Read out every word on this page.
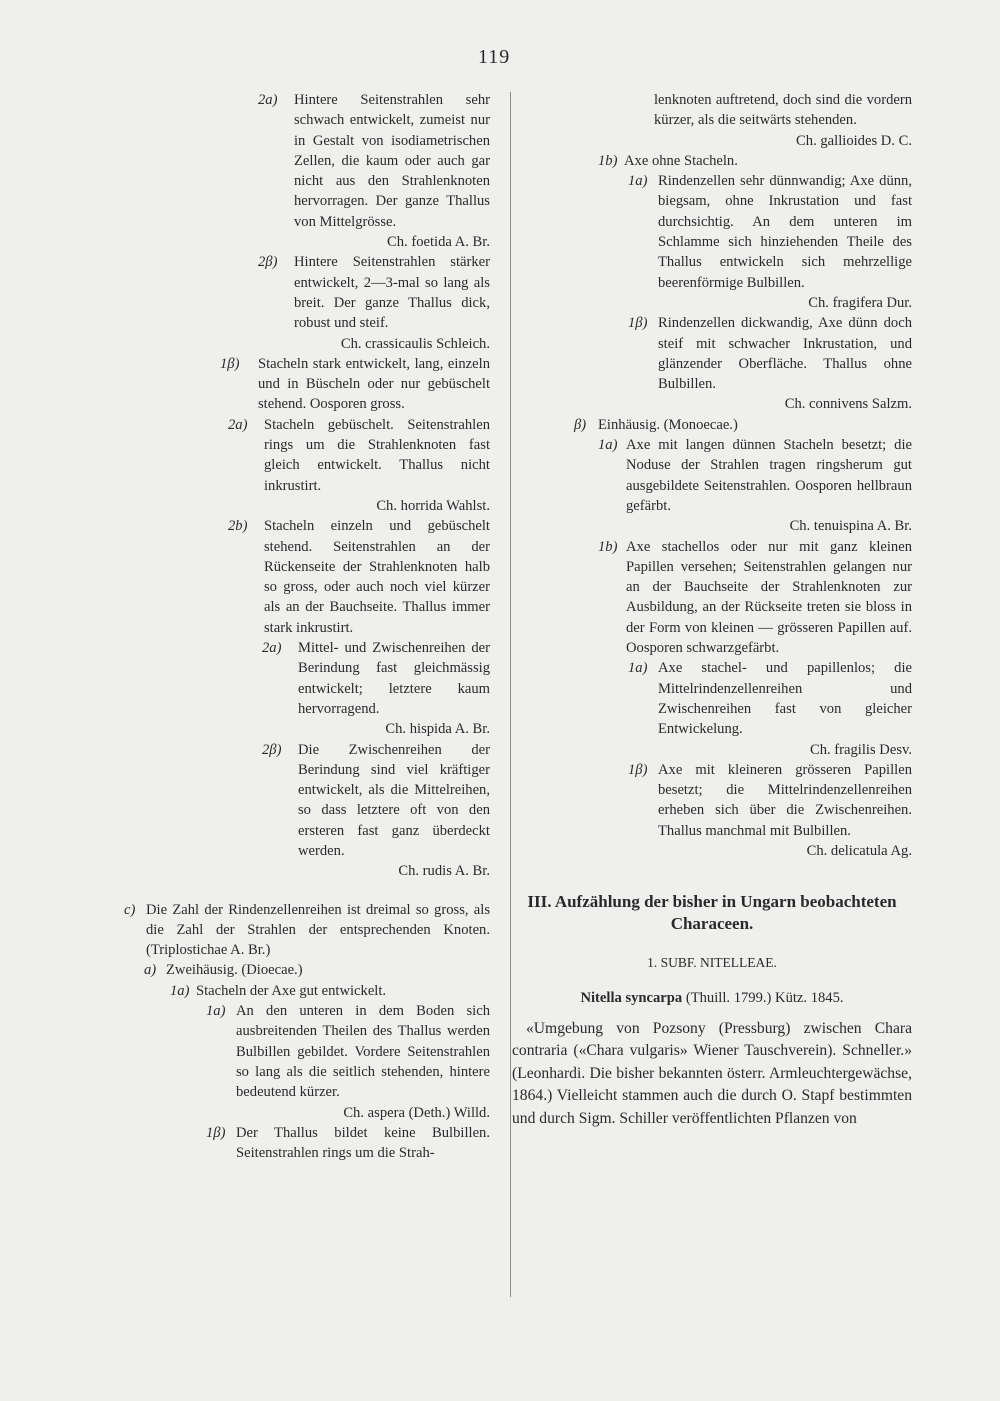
119
2a) Hintere Seitenstrahlen sehr schwach entwickelt, zumeist nur in Gestalt von isodiametrischen Zellen, die kaum oder auch gar nicht aus den Strahlenknoten hervorragen. Der ganze Thallus von Mittelgrösse.
Ch. foetida A. Br.
2β) Hintere Seitenstrahlen stärker entwickelt, 2—3-mal so lang als breit. Der ganze Thallus dick, robust und steif.
Ch. crassicaulis Schleich.
1β) Stacheln stark entwickelt, lang, einzeln und in Büscheln oder nur gebüschelt stehend. Oosporen gross.
2a) Stacheln gebüschelt. Seitenstrahlen rings um die Strahlenknoten fast gleich entwickelt. Thallus nicht inkrustirt.
Ch. horrida Wahlst.
2b) Stacheln einzeln und gebüschelt stehend. Seitenstrahlen an der Rückenseite der Strahlenknoten halb so gross, oder auch noch viel kürzer als an der Bauchseite. Thallus immer stark inkrustirt.
2a) Mittel- und Zwischenreihen der Berindung fast gleichmässig entwickelt; letztere kaum hervorragend.
Ch. hispida A. Br.
2β) Die Zwischenreihen der Berindung sind viel kräftiger entwickelt, als die Mittelreihen, so dass letztere oft von den ersteren fast ganz überdeckt werden.
Ch. rudis A. Br.
c) Die Zahl der Rindenzellenreihen ist dreimal so gross, als die Zahl der Strahlen der entsprechenden Knoten. (Triplostichae A. Br.)
a) Zweihäusig. (Dioecae.)
1a) Stacheln der Axe gut entwickelt.
1a) An den unteren in dem Boden sich ausbreitenden Theilen des Thallus werden Bulbillen gebildet. Vordere Seitenstrahlen so lang als die seitlich stehenden, hintere bedeutend kürzer.
Ch. aspera (Deth.) Willd.
1β) Der Thallus bildet keine Bulbillen. Seitenstrahlen rings um die Strah-
lenknoten auftretend, doch sind die vordern kürzer, als die seitwärts stehenden.
Ch. gallioides D. C.
1b) Axe ohne Stacheln.
1a) Rindenzellen sehr dünnwandig; Axe dünn, biegsam, ohne Inkrustation und fast durchsichtig. An dem unteren im Schlamme sich hinziehenden Theile des Thallus entwickeln sich mehrzellige beerenförmige Bulbillen.
Ch. fragifera Dur.
1β) Rindenzellen dickwandig, Axe dünn doch steif mit schwacher Inkrustation, und glänzender Oberfläche. Thallus ohne Bulbillen.
Ch. connivens Salzm.
β) Einhäusig. (Monoecae.)
1a) Axe mit langen dünnen Stacheln besetzt; die Noduse der Strahlen tragen ringsherum gut ausgebildete Seitenstrahlen. Oosporen hellbraun gefärbt.
Ch. tenuispina A. Br.
1b) Axe stachellos oder nur mit ganz kleinen Papillen versehen; Seitenstrahlen gelangen nur an der Bauchseite der Strahlenknoten zur Ausbildung, an der Rückseite treten sie bloss in der Form von kleinen — grösseren Papillen auf. Oosporen schwarzgefärbt.
1a) Axe stachel- und papillenlos; die Mittelrindenzellenreihen und Zwischenreihen fast von gleicher Entwickelung.
Ch. fragilis Desv.
1β) Axe mit kleineren grösseren Papillen besetzt; die Mittelrindenzellenreihen erheben sich über die Zwischenreihen. Thallus manchmal mit Bulbillen.
Ch. delicatula Ag.
III. Aufzählung der bisher in Ungarn beobachteten Characeen.
1. SUBF. NITELLEAE.
Nitella syncarpa (Thuill. 1799.) Kütz. 1845.
«Umgebung von Pozsony (Pressburg) zwischen Chara contraria («Chara vulgaris» Wiener Tauschverein). Schneller.» (Leonhardi. Die bisher bekannten österr. Armleuchtergewächse, 1864.) Vielleicht stammen auch die durch O. Stapf bestimmten und durch Sigm. Schiller veröffentlichten Pflanzen von
